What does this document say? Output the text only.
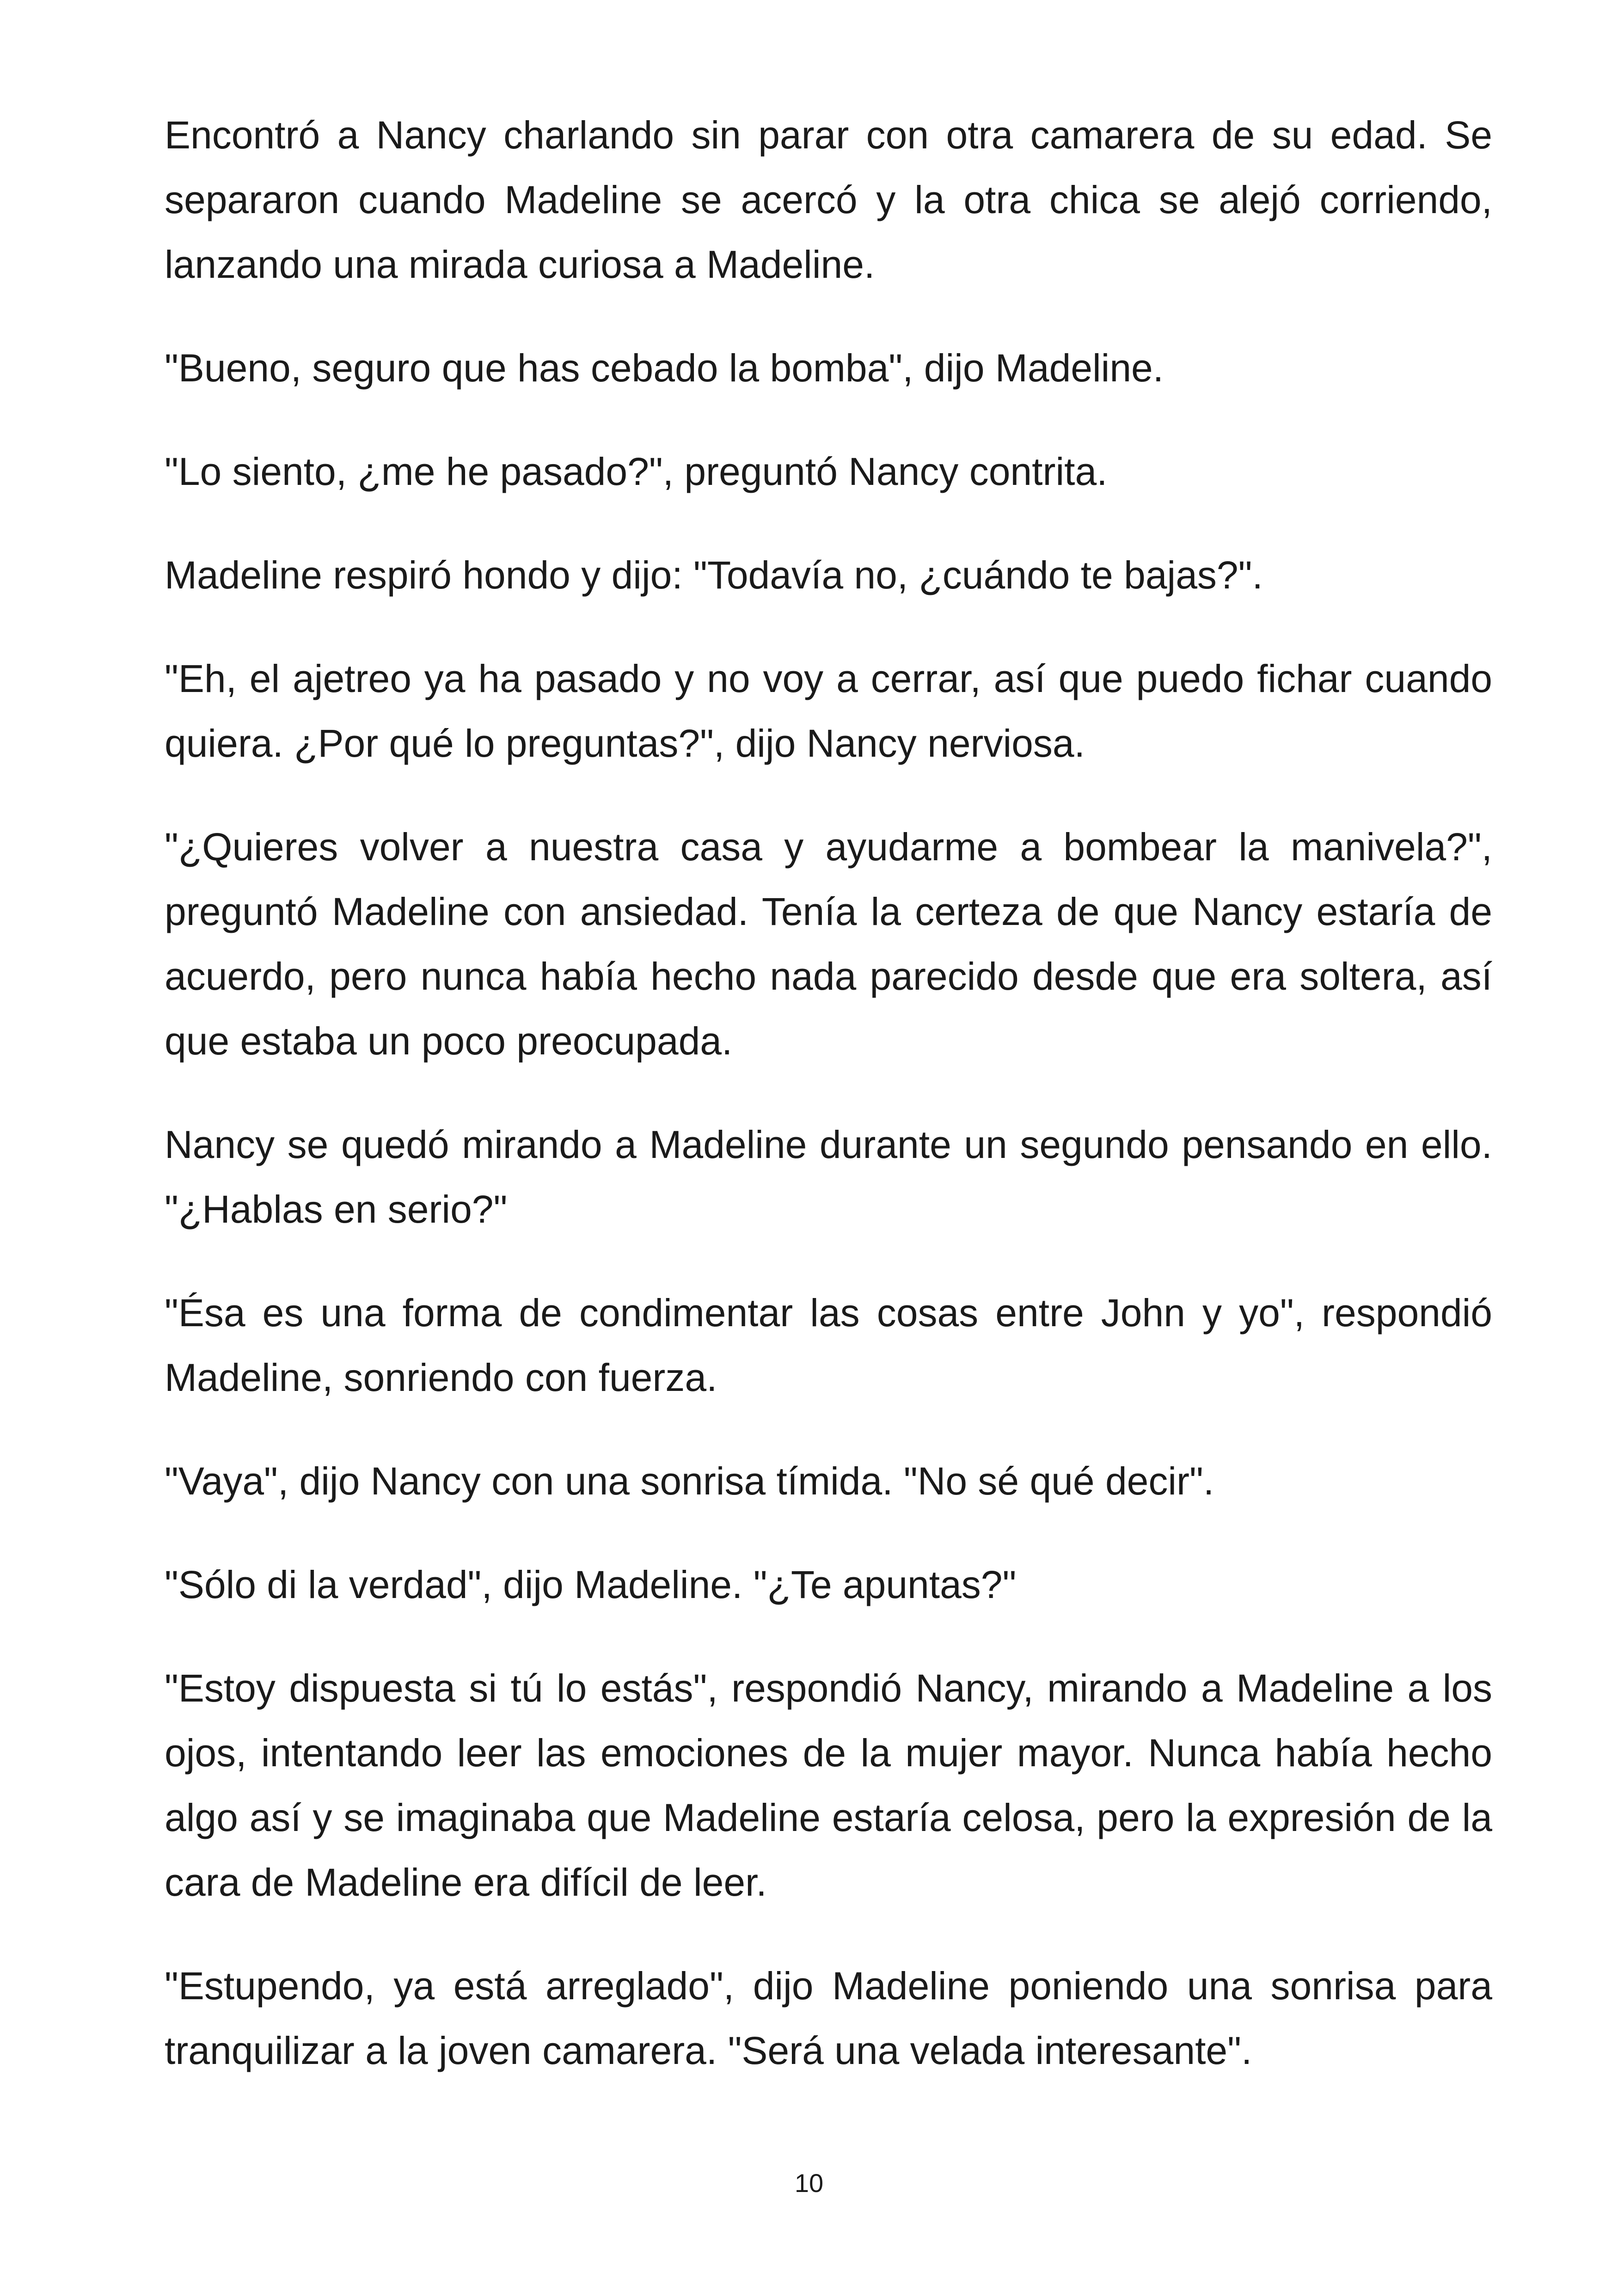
Encontró a Nancy charlando sin parar con otra camarera de su edad. Se separaron cuando Madeline se acercó y la otra chica se alejó corriendo, lanzando una mirada curiosa a Madeline.

"Bueno, seguro que has cebado la bomba", dijo Madeline.

"Lo siento, ¿me he pasado?", preguntó Nancy contrita.

Madeline respiró hondo y dijo: "Todavía no, ¿cuándo te bajas?".

"Eh, el ajetreo ya ha pasado y no voy a cerrar, así que puedo fichar cuando quiera. ¿Por qué lo preguntas?", dijo Nancy nerviosa.

"¿Quieres volver a nuestra casa y ayudarme a bombear la manivela?", preguntó Madeline con ansiedad. Tenía la certeza de que Nancy estaría de acuerdo, pero nunca había hecho nada parecido desde que era soltera, así que estaba un poco preocupada.

Nancy se quedó mirando a Madeline durante un segundo pensando en ello. "¿Hablas en serio?"

"Ésa es una forma de condimentar las cosas entre John y yo", respondió Madeline, sonriendo con fuerza.

"Vaya", dijo Nancy con una sonrisa tímida. "No sé qué decir".

"Sólo di la verdad", dijo Madeline. "¿Te apuntas?"

"Estoy dispuesta si tú lo estás", respondió Nancy, mirando a Madeline a los ojos, intentando leer las emociones de la mujer mayor. Nunca había hecho algo así y se imaginaba que Madeline estaría celosa, pero la expresión de la cara de Madeline era difícil de leer.

"Estupendo, ya está arreglado", dijo Madeline poniendo una sonrisa para tranquilizar a la joven camarera. "Será una velada interesante".

10
